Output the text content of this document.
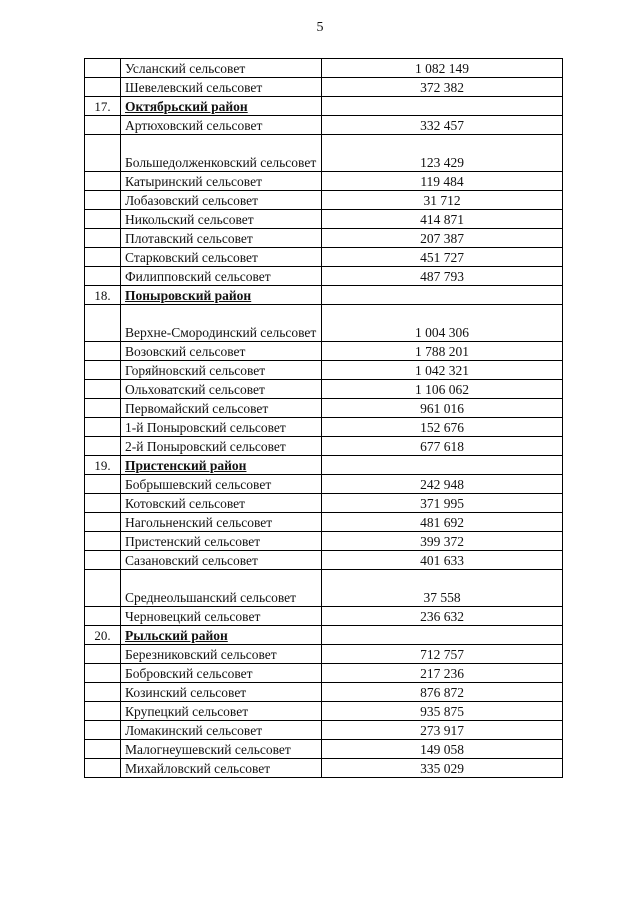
5
	Усланский сельсовет	1 082 149
	Шевелевский сельсовет	372 382
17.	Октябрьский район	
	Артюховский сельсовет	332 457
	Большедолженковский сельсовет	123 429
	Катыринский сельсовет	119 484
	Лобазовский сельсовет	31 712
	Никольский сельсовет	414 871
	Плотавский сельсовет	207 387
	Старковский сельсовет	451 727
	Филипповский сельсовет	487 793
18.	Поныровский район	
	Верхне-Смородинский сельсовет	1 004 306
	Возовский сельсовет	1 788 201
	Горяйновский сельсовет	1 042 321
	Ольховатский сельсовет	1 106 062
	Первомайский сельсовет	961 016
	1-й Поныровский сельсовет	152 676
	2-й Поныровский сельсовет	677 618
19.	Пристенский район	
	Бобрышевский сельсовет	242 948
	Котовский сельсовет	371 995
	Нагольненский сельсовет	481 692
	Пристенский сельсовет	399 372
	Сазановский сельсовет	401 633
	Среднеольшанский сельсовет	37 558
	Черновецкий сельсовет	236 632
20.	Рыльский район	
	Березниковский сельсовет	712 757
	Бобровский сельсовет	217 236
	Козинский сельсовет	876 872
	Крупецкий сельсовет	935 875
	Ломакинский сельсовет	273 917
	Малогнеушевский сельсовет	149 058
	Михайловский сельсовет	335 029
